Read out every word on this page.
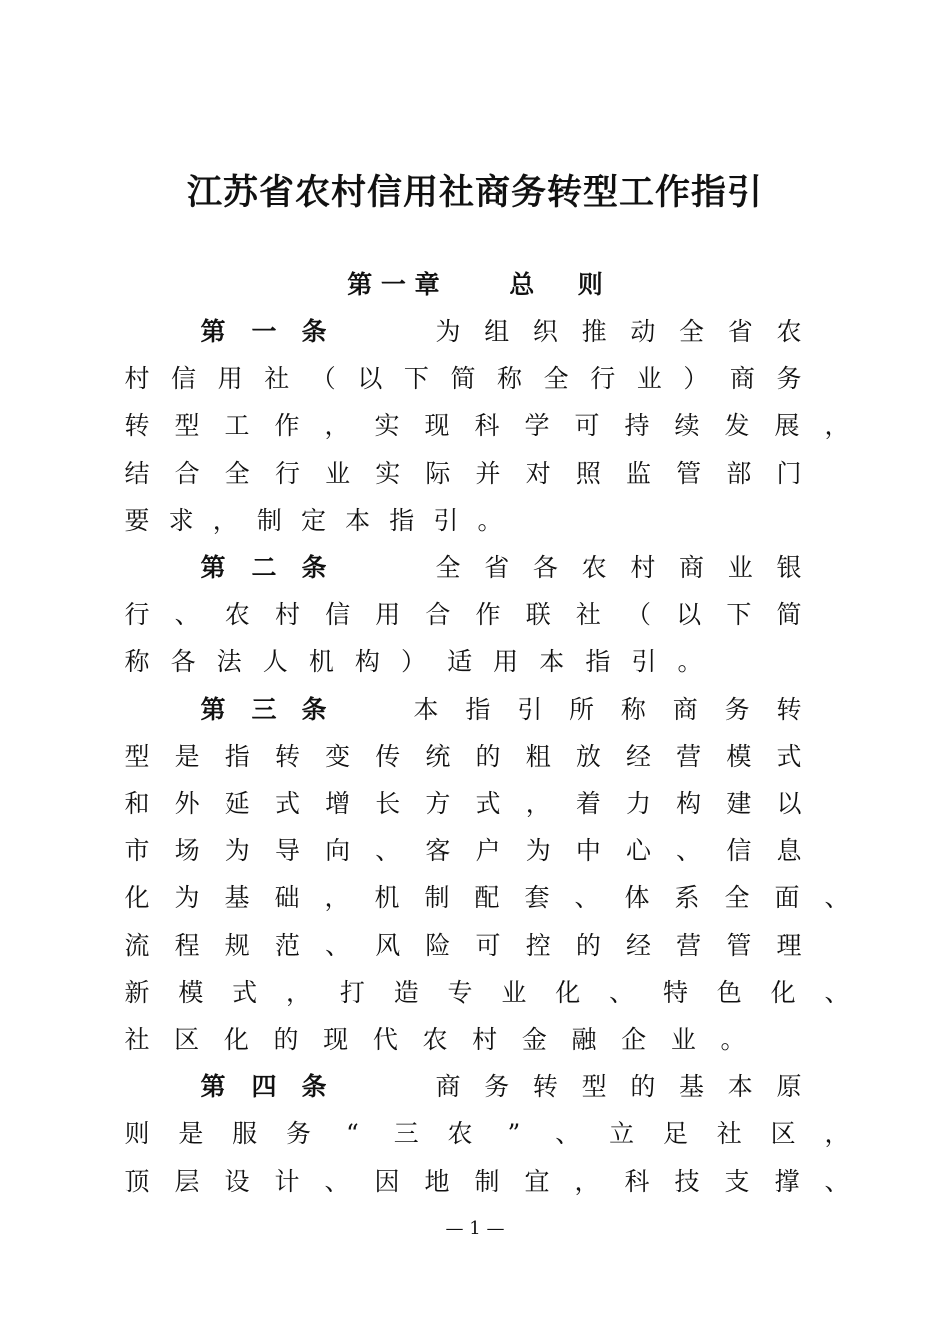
江苏省农村信用社商务转型工作指引
第 一 章        总     则
第 一 条	为 组 织 推 动 全 省 农
村 信 用 社 （ 以 下 简 称 全 行 业 ） 商 务
转 型 工 作 ， 实 现 科 学 可 持 续 发 展 ，
结 合 全 行 业 实 际 并 对 照 监 管 部 门
要 求 ， 制 定 本 指 引 。
第 二 条	全 省 各 农 村 商 业 银
行 、 农 村 信 用 合 作 联 社 （ 以 下 简
称 各 法 人 机 构 ） 适 用 本 指 引 。
第 三 条	本 指 引 所 称 商 务 转
型 是 指 转 变 传 统 的 粗 放 经 营 模 式
和 外 延 式 增 长 方 式 ， 着 力 构 建 以
市 场 为 导 向 、 客 户 为 中 心 、 信 息
化 为 基 础 ， 机 制 配 套 、 体 系 全 面 、
流 程 规 范 、 风 险 可 控 的 经 营 管 理
新 模 式 ， 打 造 专 业 化 、 特 色 化 、
社 区 化 的 现 代 农 村 金 融 企 业 。
第 四 条	商 务 转 型 的 基 本 原
则 是 服 务	“	三 农	”	、 立 足 社 区 ，
顶 层 设 计 、 因 地 制 宜 ， 科 技 支 撑 、
— 1 —
